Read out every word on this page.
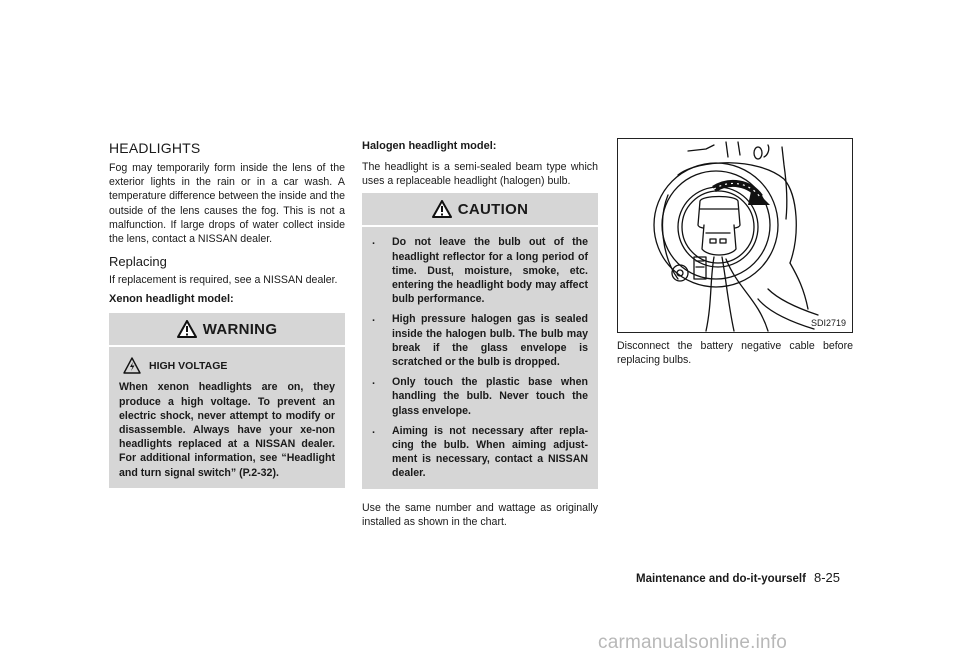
HEADLIGHTS

Fog may temporarily form inside the lens of the exterior lights in the rain or in a car wash. A temperature difference between the inside and the outside of the lens causes the fog. This is not a malfunction. If large drops of water collect inside the lens, contact a NISSAN dealer.

Replacing

If replacement is required, see a NISSAN dealer.

Xenon headlight model:
WARNING
HIGH VOLTAGE

When xenon headlights are on, they produce a high voltage. To prevent an electric shock, never attempt to modify or disassemble. Always have your xe-non headlights replaced at a NISSAN dealer. For additional information, see “Headlight and turn signal switch” (P.2-32).

Halogen headlight model:

The headlight is a semi-sealed beam type which uses a replaceable headlight (halogen) bulb.

CAUTION
.	Do not leave the bulb out of the headlight reflector for a long period of time. Dust, moisture, smoke, etc. entering the headlight body may affect bulb performance.
.	High pressure halogen gas is sealed inside the halogen bulb. The bulb may break if the glass envelope is scratched or the bulb is dropped.
.	Only touch the plastic base when handling the bulb. Never touch the glass envelope.
.	Aiming is not necessary after repla-cing the bulb. When aiming adjust-ment is necessary, contact a NISSAN dealer.

Use the same number and wattage as originally installed as shown in the chart.

SDI2719

Disconnect the battery negative cable before replacing bulbs.

Maintenance and do-it-yourself 8-25
carmanualsonline.info
